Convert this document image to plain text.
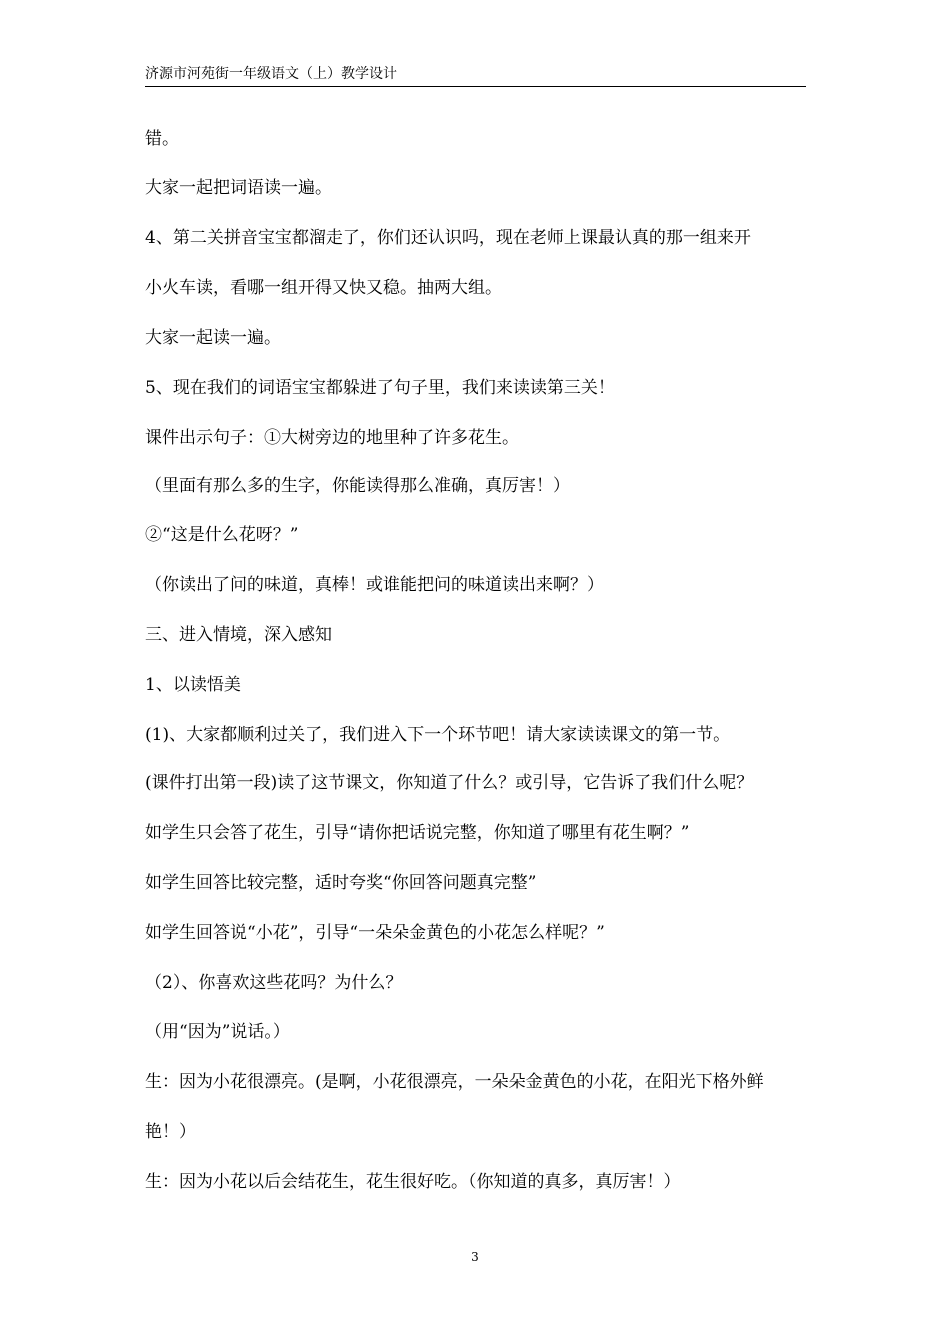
济源市河苑街一年级语文（上）教学设计
错。
大家一起把词语读一遍。
4、第二关拼音宝宝都溜走了，你们还认识吗，现在老师上课最认真的那一组来开
小火车读，看哪一组开得又快又稳。抽两大组。
大家一起读一遍。
5、现在我们的词语宝宝都躲进了句子里，我们来读读第三关！
课件出示句子：①大树旁边的地里种了许多花生。
（里面有那么多的生字，你能读得那么准确，真厉害！）
②“这是什么花呀？”
（你读出了问的味道，真棒！或谁能把问的味道读出来啊？）
三、进入情境，深入感知
1、以读悟美
(1)、大家都顺利过关了，我们进入下一个环节吧！请大家读读课文的第一节。
(课件打出第一段)读了这节课文，你知道了什么？或引导，它告诉了我们什么呢？
如学生只会答了花生，引导“请你把话说完整，你知道了哪里有花生啊？”
如学生回答比较完整，适时夸奖“你回答问题真完整”
如学生回答说“小花”，引导“一朵朵金黄色的小花怎么样呢？”
（2）、你喜欢这些花吗？为什么？
（用“因为”说话。）
生：因为小花很漂亮。(是啊，小花很漂亮，一朵朵金黄色的小花，在阳光下格外鲜
艳！）
生：因为小花以后会结花生，花生很好吃。（你知道的真多，真厉害！）
3
